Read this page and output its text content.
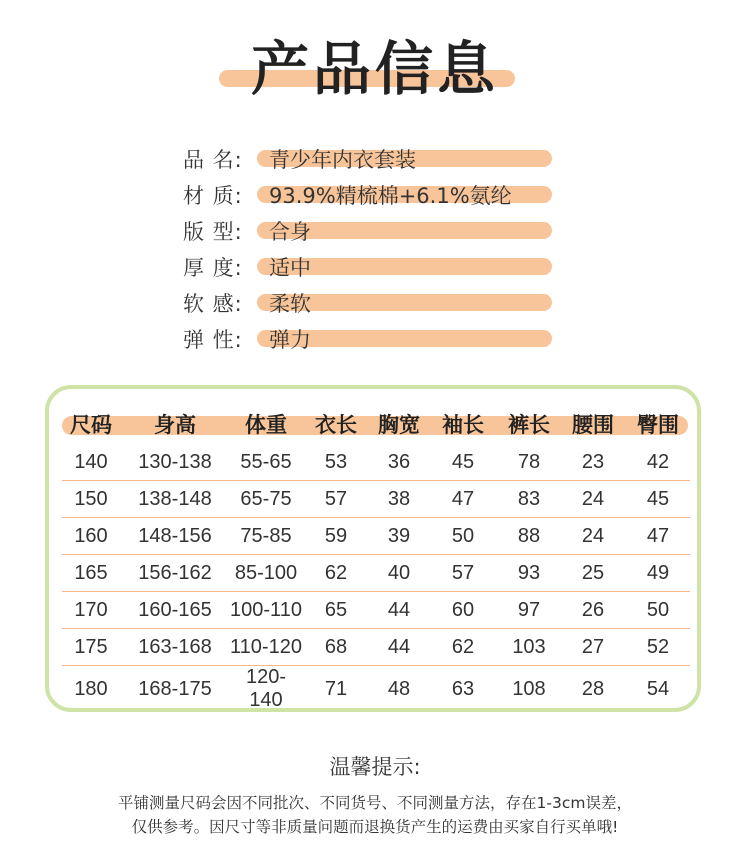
产品信息
品 名: 青少年内衣套装
材 质: 93.9%精梳棉+6.1%氨纶
版 型: 合身
厚 度: 适中
软 感: 柔软
弹 性: 弹力
尺码	身高	体重	衣长	胸宽	袖长	裤长	腰围	臀围
140	130-138	55-65	53	36	45	78	23	42
150	138-148	65-75	57	38	47	83	24	45
160	148-156	75-85	59	39	50	88	24	47
165	156-162	85-100	62	40	57	93	25	49
170	160-165	100-110	65	44	60	97	26	50
175	163-168	110-120	68	44	62	103	27	52
180	168-175	120-140	71	48	63	108	28	54
温馨提示:
平铺测量尺码会因不同批次、不同货号、不同测量方法，存在1-3cm误差，
仅供参考。因尺寸等非质量问题而退换货产生的运费由买家自行买单哦!
